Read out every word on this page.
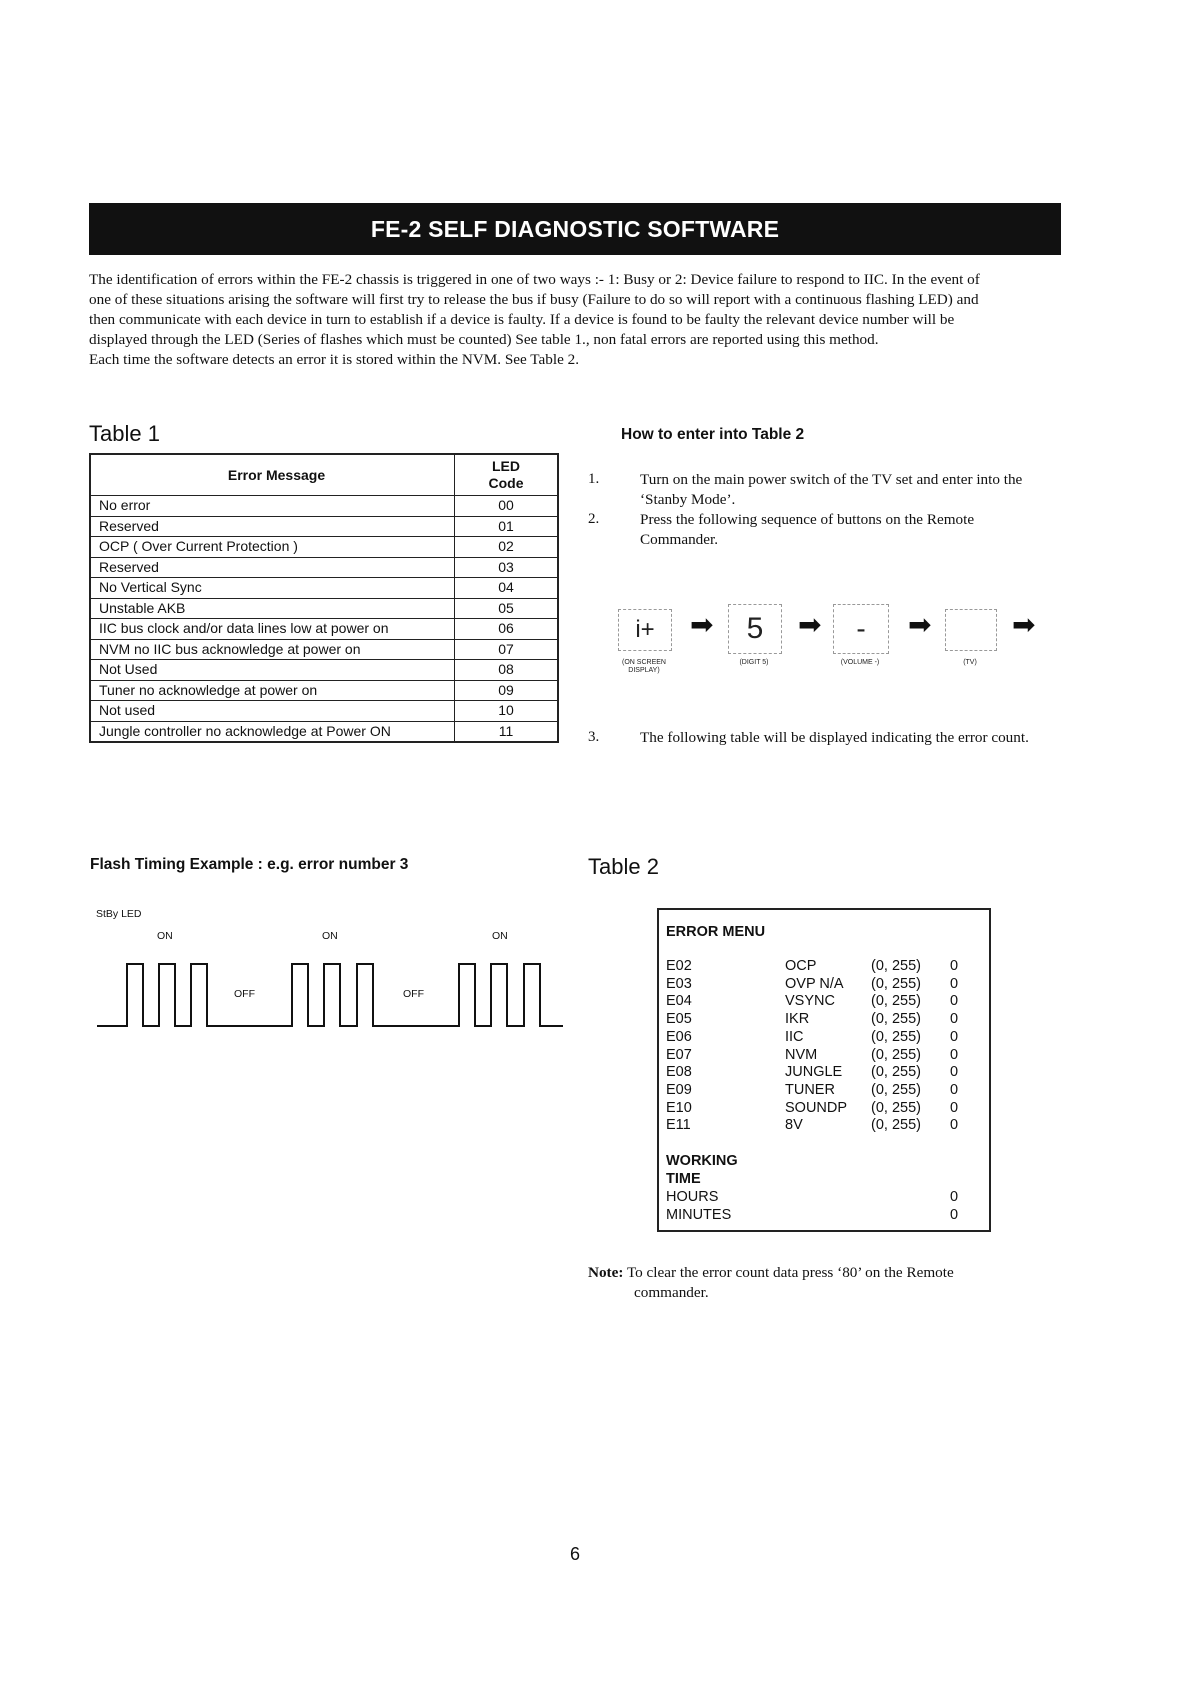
FE-2 SELF DIAGNOSTIC SOFTWARE

The identification of errors within the FE-2 chassis is triggered in one of two ways :- 1: Busy or 2: Device failure to respond to IIC. In the event of

one of these situations arising the software will first try to release the bus if busy (Failure to do so will report with a continuous flashing LED) and

then communicate with each device in turn to establish if a device is faulty. If a device is found to be faulty the relevant device number will be

displayed through the LED (Series of flashes which must be counted) See table 1., non fatal errors are reported using this method.

Each time the software detects an error it is stored within the NVM. See Table 2.

Table 1
Error Message	LED
Code

No error	00
Reserved	01
OCP ( Over Current Protection )	02
Reserved	03
No Vertical Sync	04
Unstable AKB	05
IIC bus clock and/or data lines low at power on	06
NVM no IIC bus acknowledge at power on	07
Not Used	08
Tuner no acknowledge at power on	09
Not used	10
Jungle controller no acknowledge at Power ON	11
How to enter into Table 2
1.	Turn on the main power switch of the TV set and enter into the
‘Stanby Mode’.
2.	Press the following sequence of buttons on the Remote
Commander.
i+ ➡ 5 ➡ - ➡	➡
(ON SCREEN
DISPLAY)
(DIGIT 5)	(VOLUME -)	(TV)
3.	The following table will be displayed indicating the error count.
Flash Timing Example : e.g. error number 3
StBy LED
ON	ON	ON
OFF	OFF
Table 2
ERROR MENU
E02	OCP	(0, 255) 0
E03	OVP N/A (0, 255) 0
E04	VSYNC (0, 255) 0
E05	IKR	(0, 255) 0
E06	IIC	(0, 255) 0
E07	NVM	(0, 255) 0
E08	JUNGLE (0, 255) 0
E09	TUNER (0, 255) 0
E10	SOUNDP (0, 255) 0
E11	8V	(0, 255) 0
WORKING
TIME
HOURS	0
MINUTES	0
Note: To clear the error count data press ‘80’ on the Remote
commander.
6
